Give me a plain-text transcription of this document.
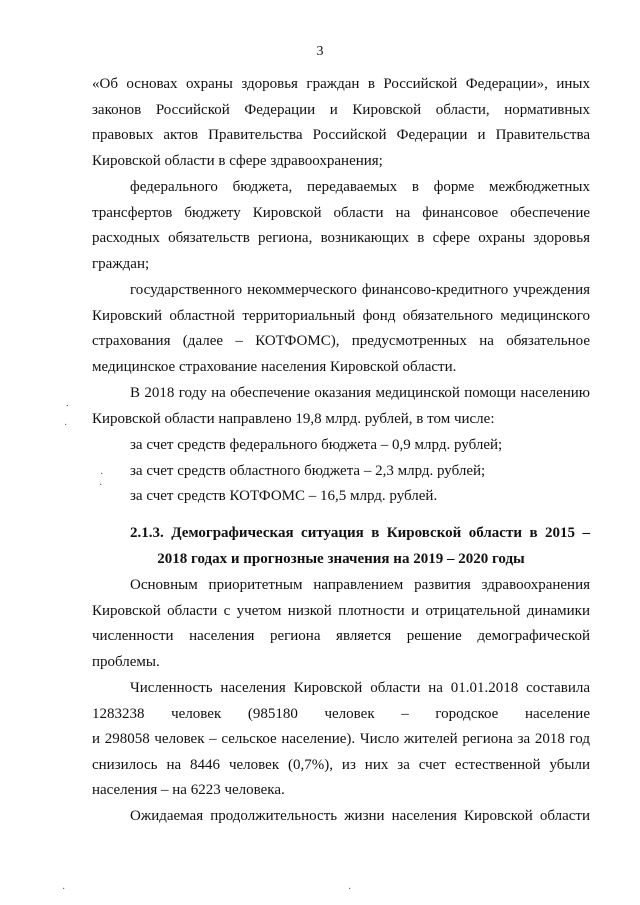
3
«Об основах охраны здоровья граждан в Российской Федерации», иных
законов Российской Федерации и Кировской области, нормативных
правовых актов Правительства Российской Федерации и Правительства
Кировской области в сфере здравоохранения;
федерального бюджета, передаваемых в форме межбюджетных
трансфертов бюджету Кировской области на финансовое обеспечение
расходных обязательств региона, возникающих в сфере охраны здоровья
граждан;
государственного некоммерческого финансово-кредитного учреждения
Кировский областной территориальный фонд обязательного медицинского
страхования (далее – КОТФОМС), предусмотренных на обязательное
медицинское страхование населения Кировской области.
В 2018 году на обеспечение оказания медицинской помощи населению
Кировской области направлено 19,8 млрд. рублей, в том числе:
за счет средств федерального бюджета – 0,9 млрд. рублей;
за счет средств областного бюджета – 2,3 млрд. рублей;
за счет средств КОТФОМС – 16,5 млрд. рублей.
2.1.3. Демографическая ситуация в Кировской области в 2015 –
2018 годах и прогнозные значения на 2019 – 2020 годы
Основным приоритетным направлением развития здравоохранения
Кировской области с учетом низкой плотности и отрицательной динамики
численности населения региона является решение демографической
проблемы.
Численность населения Кировской области на 01.01.2018 составила
1283238 человек (985180 человек – городское население
и 298058 человек – сельское население). Число жителей региона за 2018 год
снизилось на 8446 человек (0,7%), из них за счет естественной убыли
населения – на 6223 человека.
Ожидаемая продолжительность жизни населения Кировской области
⸱
·
·
·
·	·
